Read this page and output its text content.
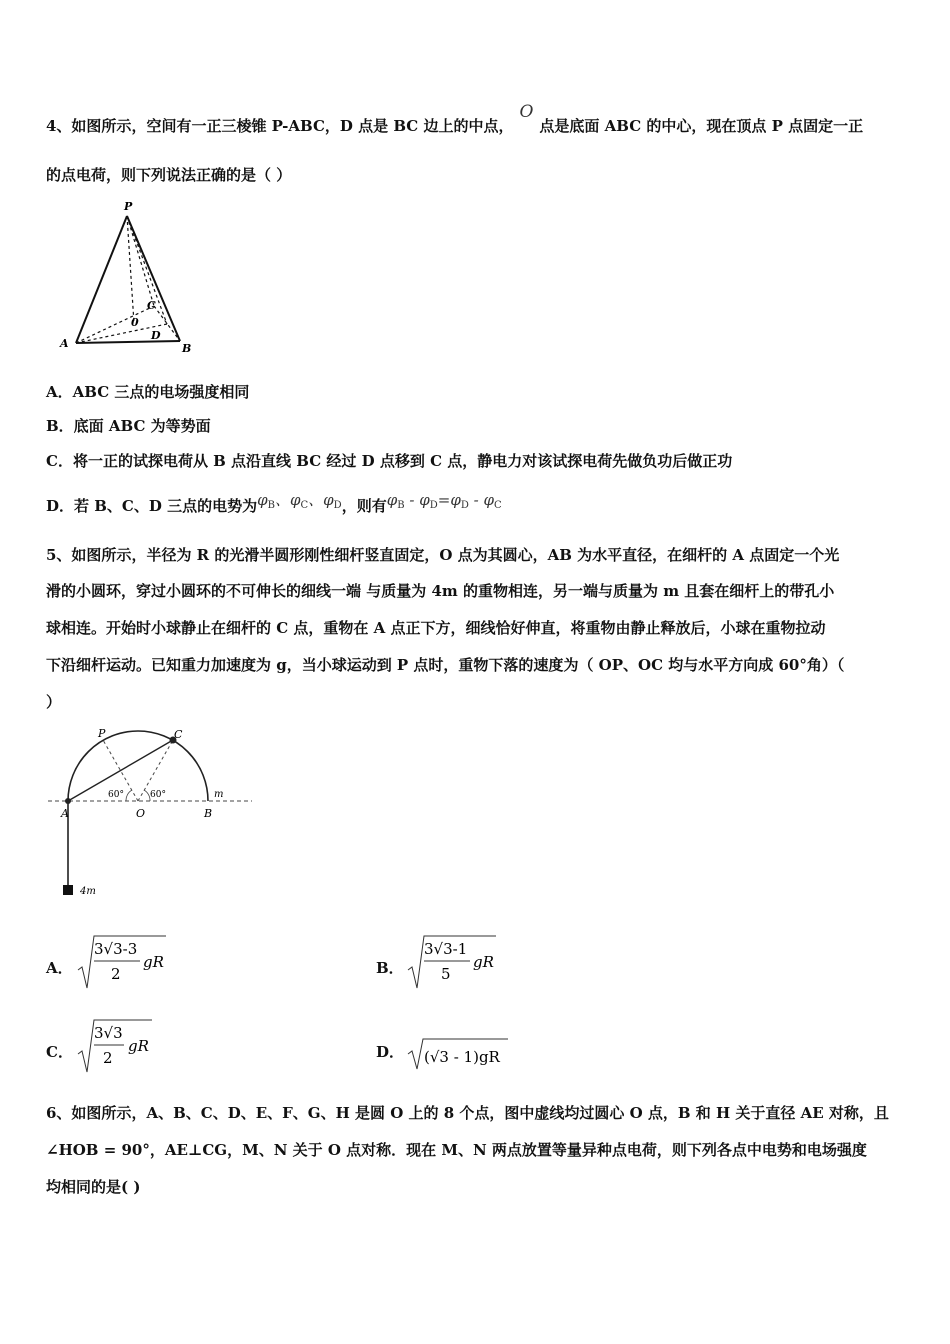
4、如图所示，空间有一正三棱锥 P-ABC，D 点是 BC 边上的中点，O点是底面 ABC 的中心，现在顶点 P 点固定一正
的点电荷，则下列说法正确的是（ ）
P
A	B
C
D
0
A．ABC 三点的电场强度相同
B．底面 ABC 为等势面
C．将一正的试探电荷从 B 点沿直线 BC 经过 D 点移到 C 点，静电力对该试探电荷先做负功后做正功
D．若 B、C、D 三点的电势为$\varphi_B$、$\varphi_C$、$\varphi_D$，则有$\varphi_B - \varphi_D=\varphi_D - \varphi_C$
5、如图所示，半径为 R 的光滑半圆形刚性细杆竖直固定，O 点为其圆心，AB 为水平直径，在细杆的 A 点固定一个光
滑的小圆环，穿过小圆环的不可伸长的细线一端 与质量为 4m 的重物相连，另一端与质量为 m 且套在细杆上的带孔小
球相连。开始时小球静止在细杆的 C 点，重物在 A 点正下方，细线恰好伸直，将重物由静止释放后，小球在重物拉动
下沿细杆运动。已知重力加速度为 g，当小球运动到 P 点时，重物下落的速度为（ OP、OC 均与水平方向成 60°角）（
）
P	C
A	O	B
m
60°	60°
4m
A．
3√3-3
2
gR	B．
3√3-1
5
gR
C．
3√3
2
gR	D． (√3 - 1)gR
6、如图所示，A、B、C、D、E、F、G、H 是圆 O 上的 8 个点，图中虚线均过圆心 O 点，B 和 H 关于直径 AE 对称，且
∠HOB = 90°，AE⊥CG，M、N 关于 O 点对称．现在 M、N 两点放置等量异种点电荷，则下列各点中电势和电场强度
均相同的是( )
